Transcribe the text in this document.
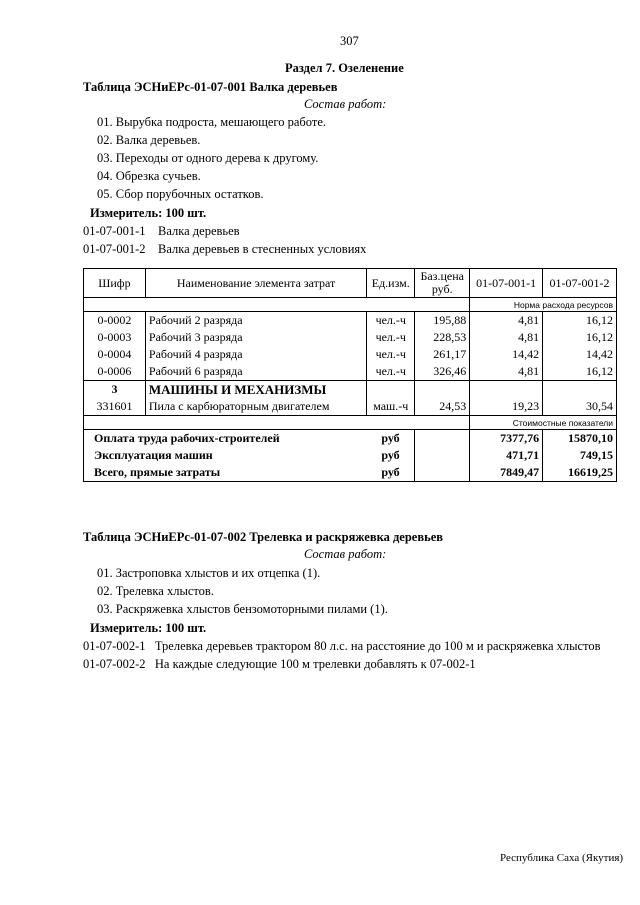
307
Раздел 7. Озеленение
Таблица ЭСНиЕРс-01-07-001 Валка деревьев
Состав работ:
01. Вырубка подроста, мешающего работе.
02. Валка деревьев.
03. Переходы от одного дерева к другому.
04. Обрезка сучьев.
05. Сбор порубочных остатков.
Измеритель: 100 шт.
01-07-001-1 Валка деревьев
01-07-001-2 Валка деревьев в стесненных условиях
Шифр	Наименование элемента затрат	Ед.изм.	Баз.цена руб.	01-07-001-1	01-07-001-2
				Норма расхода ресурсов	
0-0002	Рабочий 2 разряда	чел.-ч	195,88	4,81	16,12
0-0003	Рабочий 3 разряда	чел.-ч	228,53	4,81	16,12
0-0004	Рабочий 4 разряда	чел.-ч	261,17	14,42	14,42
0-0006	Рабочий 6 разряда	чел.-ч	326,46	4,81	16,12
3	МАШИНЫ И МЕХАНИЗМЫ				
331601	Пила с карбюраторным двигателем	маш.-ч	24,53	19,23	30,54
				Стоимостные показатели	
Оплата труда рабочих-строителей		руб		7377,76	15870,10
Эксплуатация машин		руб		471,71	749,15
Всего, прямые затраты		руб		7849,47	16619,25
Таблица ЭСНиЕРс-01-07-002 Трелевка и раскряжевка деревьев
Состав работ:
01. Застроповка хлыстов и их отцепка (1).
02. Трелевка хлыстов.
03. Раскряжевка хлыстов бензомоторными пилами (1).
Измеритель: 100 шт.
01-07-002-1 Трелевка деревьев трактором 80 л.с. на расстояние до 100 м и раскряжевка хлыстов
01-07-002-2 На каждые следующие 100 м трелевки добавлять к 07-002-1
Республика Саха (Якутия)
